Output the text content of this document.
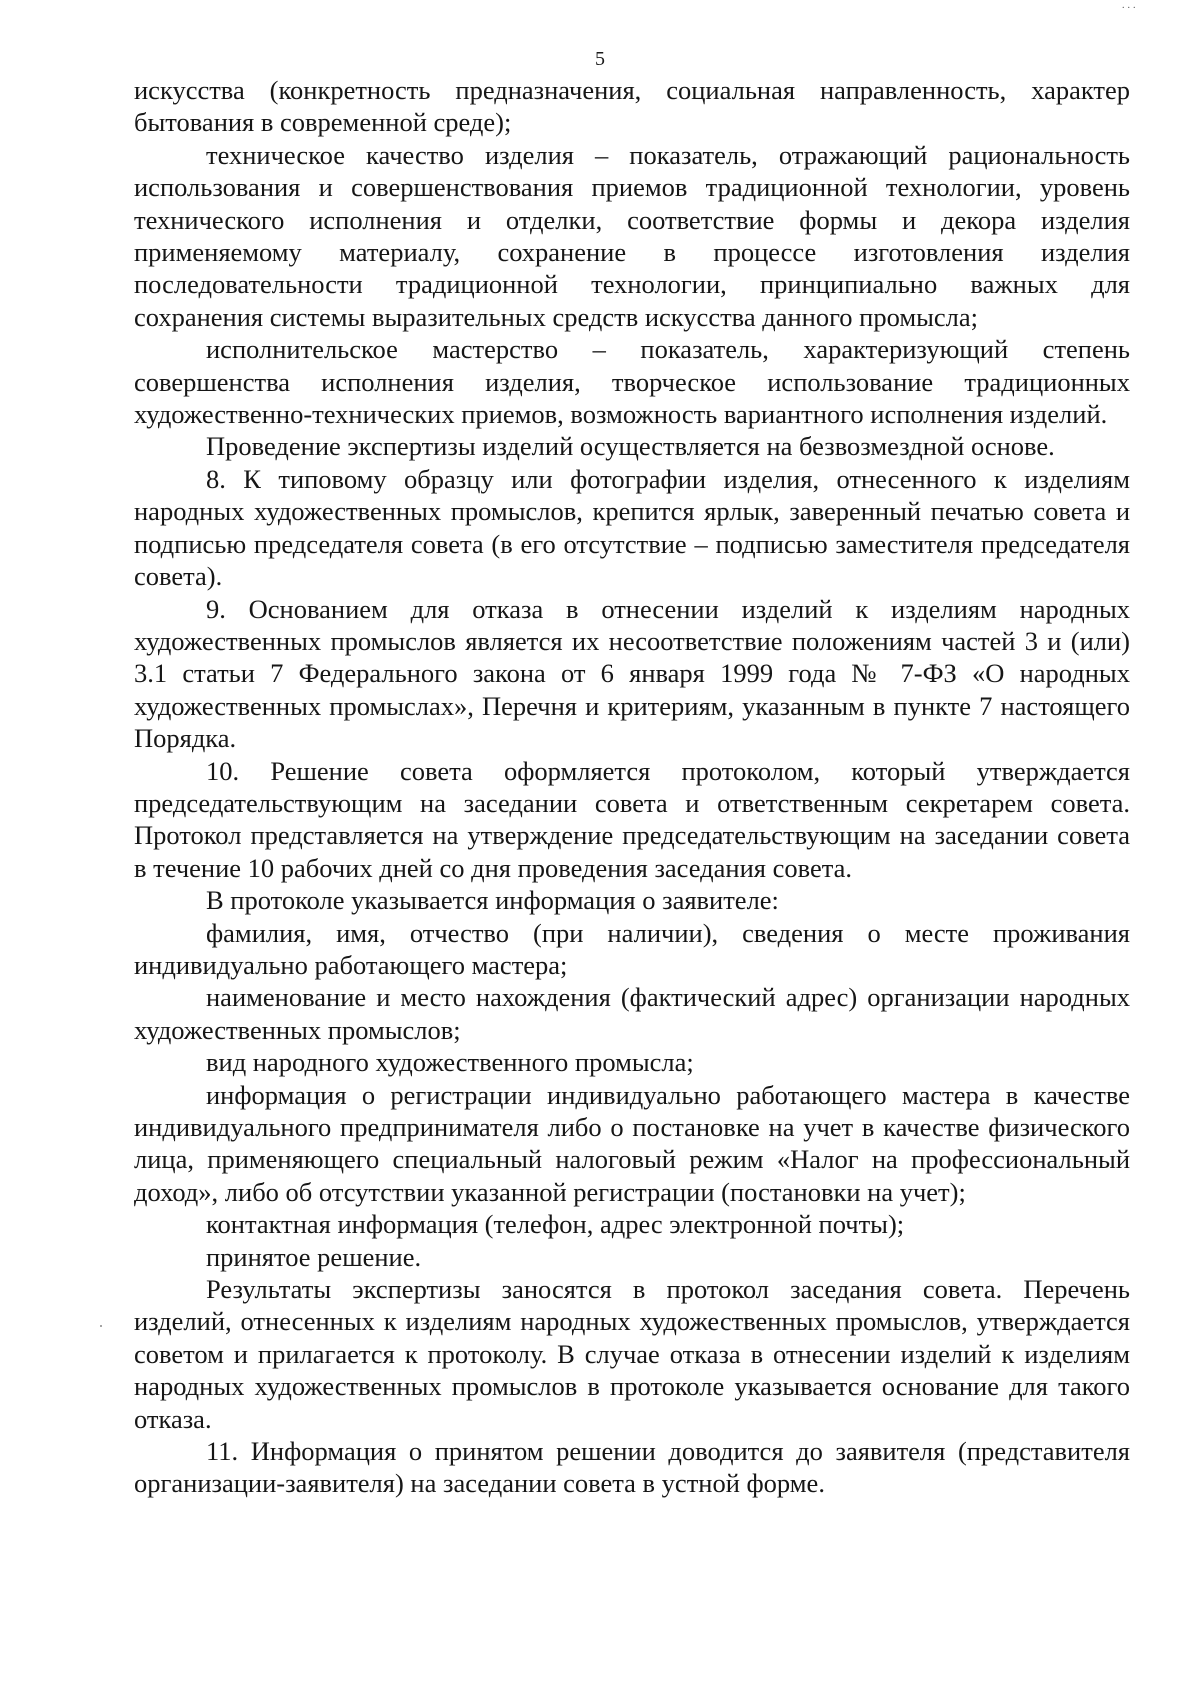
...
5

искусства (конкретность предназначения, социальная направленность, характер бытования в современной среде);

техническое качество изделия – показатель, отражающий рациональность использования и совершенствования приемов традиционной технологии, уровень технического исполнения и отделки, соответствие формы и декора изделия применяемому материалу, сохранение в процессе изготовления изделия последовательности традиционной технологии, принципиально важных для сохранения системы выразительных средств искусства данного промысла;

исполнительское мастерство – показатель, характеризующий степень совершенства исполнения изделия, творческое использование традиционных художественно-технических приемов, возможность вариантного исполнения изделий.

Проведение экспертизы изделий осуществляется на безвозмездной основе.

8. К типовому образцу или фотографии изделия, отнесенного к изделиям народных художественных промыслов, крепится ярлык, заверенный печатью совета и подписью председателя совета (в его отсутствие – подписью заместителя председателя совета).

9. Основанием для отказа в отнесении изделий к изделиям народных художественных промыслов является их несоответствие положениям частей 3 и (или) 3.1 статьи 7 Федерального закона от 6 января 1999 года № 7-ФЗ «О народных художественных промыслах», Перечня и критериям, указанным в пункте 7 настоящего Порядка.

10. Решение совета оформляется протоколом, который утверждается председательствующим на заседании совета и ответственным секретарем совета. Протокол представляется на утверждение председательствующим на заседании совета в течение 10 рабочих дней со дня проведения заседания совета.

В протоколе указывается информация о заявителе:

фамилия, имя, отчество (при наличии), сведения о месте проживания индивидуально работающего мастера;

наименование и место нахождения (фактический адрес) организации народных художественных промыслов;

вид народного художественного промысла;

информация о регистрации индивидуально работающего мастера в качестве индивидуального предпринимателя либо о постановке на учет в качестве физического лица, применяющего специальный налоговый режим «Налог на профессиональный доход», либо об отсутствии указанной регистрации (постановки на учет);

контактная информация (телефон, адрес электронной почты);

принятое решение.

Результаты экспертизы заносятся в протокол заседания совета. Перечень изделий, отнесенных к изделиям народных художественных промыслов, утверждается советом и прилагается к протоколу. В случае отказа в отнесении изделий к изделиям народных художественных промыслов в протоколе указывается основание для такого отказа.

11. Информация о принятом решении доводится до заявителя (представителя организации-заявителя) на заседании совета в устной форме.
